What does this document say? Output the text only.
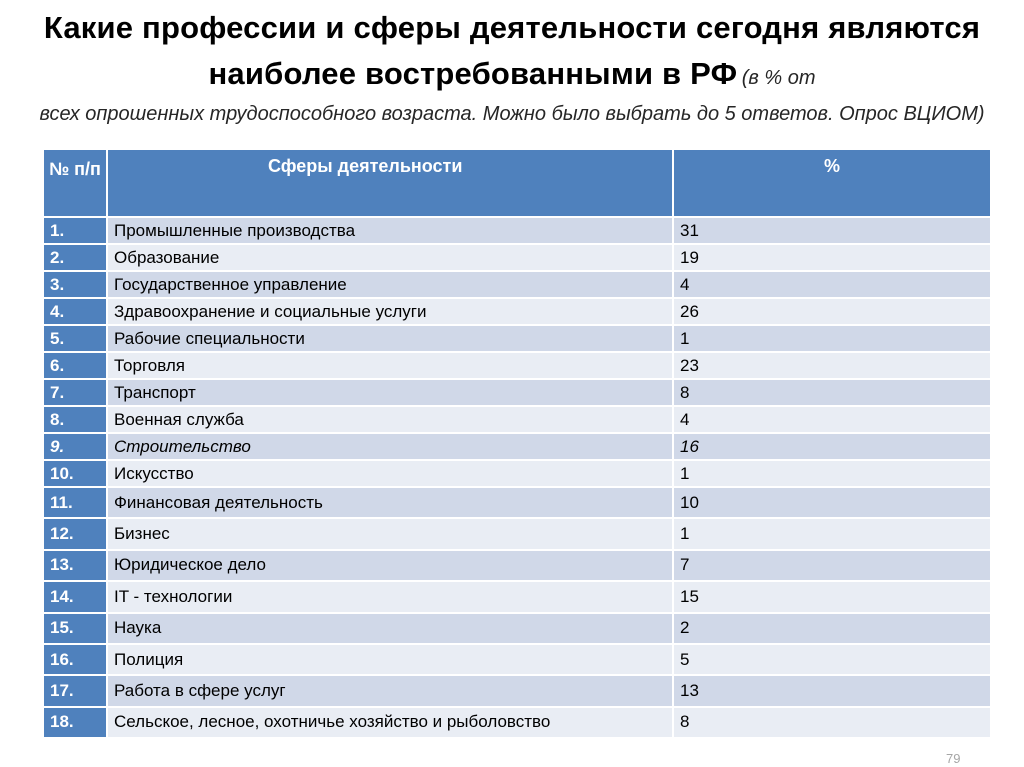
Какие профессии и сферы деятельности сегодня являются наиболее востребованными в РФ (в % от
всех опрошенных трудоспособного возраста. Можно было выбрать до 5 ответов. Опрос ВЦИОМ)
№ п/п	Сферы деятельности	%
1.	Промышленные производства	31
2.	Образование	19
3.	Государственное управление	4
4.	Здравоохранение и социальные услуги	26
5.	Рабочие специальности	1
6.	Торговля	23
7.	Транспорт	8
8.	Военная служба	4
9.	Строительство	16
10.	Искусство	1
11.	Финансовая деятельность	10
12.	Бизнес	1
13.	Юридическое дело	7
14.	IT - технологии	15
15.	Наука	2
16.	Полиция	5
17.	Работа в сфере услуг	13
18.	Сельское, лесное, охотничье хозяйство и рыболовство	8
79
